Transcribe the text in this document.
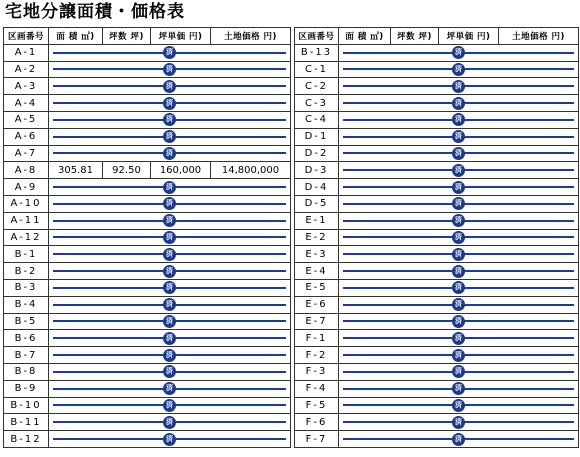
宅地分譲面積・価格表
区画番号	面 積 ㎡)	坪数 坪)	坪単価 円)	土地価格 円)
A-1	済			

A-2	済			

A-3	済			

A-4	済			

A-5	済			

A-6	済			

A-7	済			

A-8	305.81	92.50	160,000	14,800,000
A-9	済			

A-10	済			

A-11	済			

A-12	済			

B-1	済			

B-2	済			

B-3	済			

B-4	済			

B-5	済			

B-6	済			

B-7	済			

B-8	済			

B-9	済			

B-10	済			

B-11	済			

B-12	済			
区画番号	面 積 ㎡)	坪数 坪)	坪単価 円)	土地価格 円)
B-13	済			

C-1	済			

C-2	済			

C-3	済			

C-4	済			

D-1	済			

D-2	済			

D-3	済			

D-4	済			

D-5	済			

E-1	済			

E-2	済			

E-3	済			

E-4	済			

E-5	済			

E-6	済			

E-7	済			

F-1	済			

F-2	済			

F-3	済			

F-4	済			

F-5	済			

F-6	済			

F-7	済			
